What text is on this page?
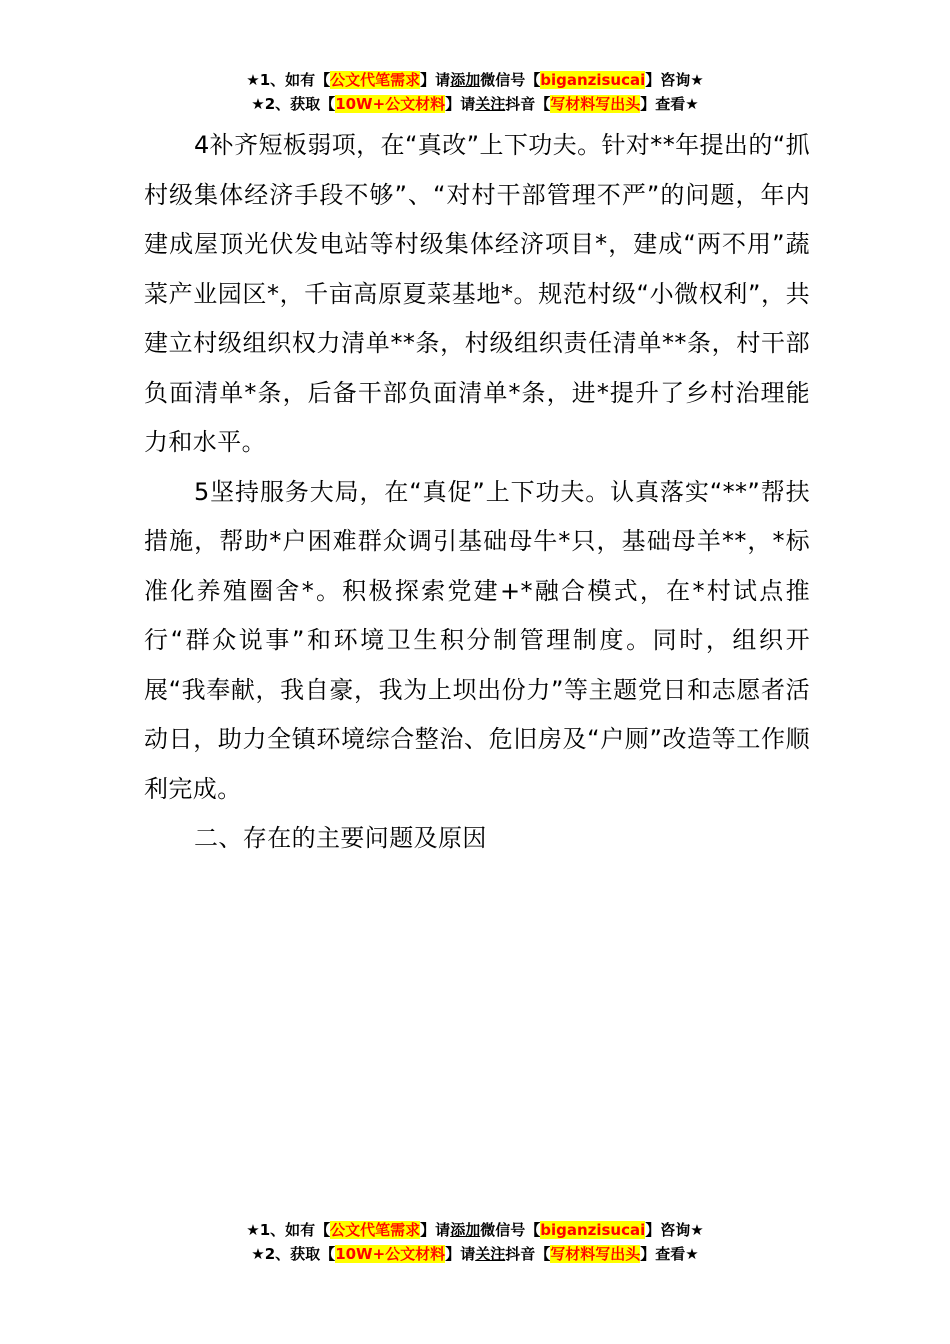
★1、如有【公文代笔需求】请添加微信号【biganzisucai】咨询★
★2、获取【10W+公文材料】请关注抖音【写材料写出头】查看★

4补齐短板弱项，在“真改”上下功夫。针对**年提出的“抓村级集体经济手段不够”、“对村干部管理不严”的问题，年内建成屋顶光伏发电站等村级集体经济项目*，建成“两不用”蔬菜产业园区*，千亩高原夏菜基地*。规范村级“小微权利”，共建立村级组织权力清单**条，村级组织责任清单**条，村干部负面清单*条，后备干部负面清单*条，进*提升了乡村治理能力和水平。

5坚持服务大局，在“真促”上下功夫。认真落实“**”帮扶措施，帮助*户困难群众调引基础母牛*只，基础母羊**，*标准化养殖圈舍*。积极探索党建+*融合模式，在*村试点推行“群众说事”和环境卫生积分制管理制度。同时，组织开展“我奉献，我自豪，我为上坝出份力”等主题党日和志愿者活动日，助力全镇环境综合整治、危旧房及“户厕”改造等工作顺利完成。

二、存在的主要问题及原因

★1、如有【公文代笔需求】请添加微信号【biganzisucai】咨询★
★2、获取【10W+公文材料】请关注抖音【写材料写出头】查看★
